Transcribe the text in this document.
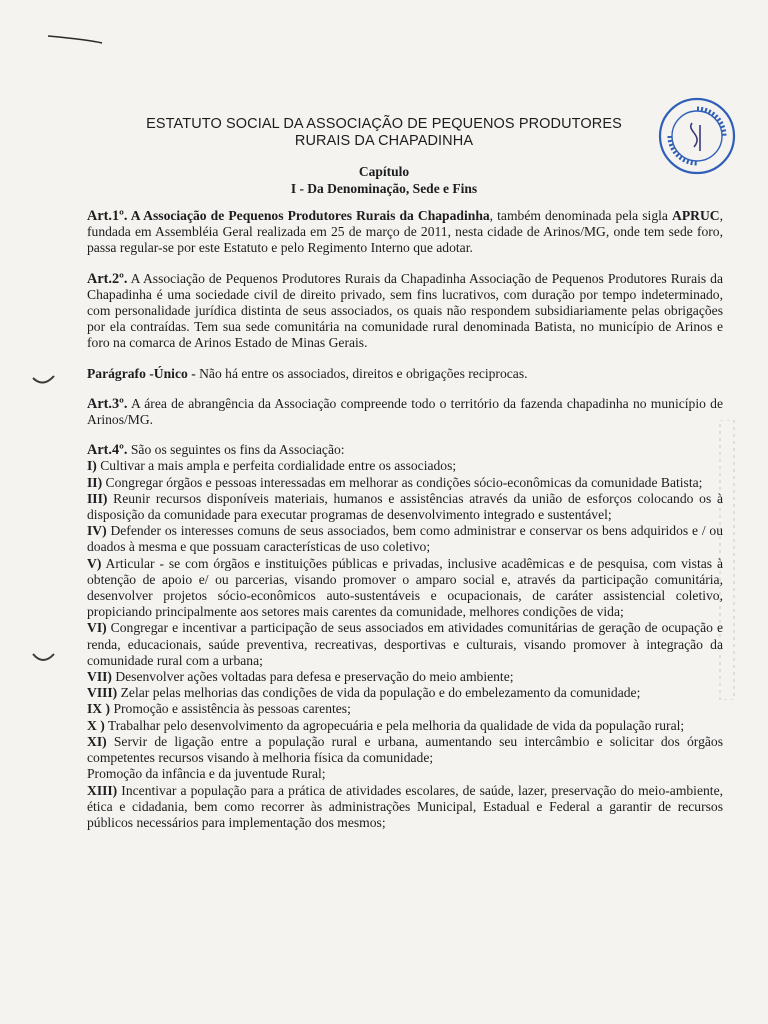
ESTATUTO SOCIAL DA ASSOCIAÇÃO DE PEQUENOS PRODUTORES
RURAIS DA CHAPADINHA
Capítulo
I - Da Denominação, Sede e Fins

Art.1º. A Associação de Pequenos Produtores Rurais da Chapadinha, também denominada pela sigla APRUC, fundada em Assembléia Geral realizada em 25 de março de 2011, nesta cidade de Arinos/MG, onde tem sede foro, passa regular-se por este Estatuto e pelo Regimento Interno que adotar.

Art.2º. A Associação de Pequenos Produtores Rurais da Chapadinha Associação de Pequenos Produtores Rurais da Chapadinha é uma sociedade civil de direito privado, sem fins lucrativos, com duração por tempo indeterminado, com personalidade jurídica distinta de seus associados, os quais não respondem subsidiariamente pelas obrigações por ela contraídas. Tem sua sede comunitária na comunidade rural denominada Batista, no município de Arinos e foro na comarca de Arinos Estado de Minas Gerais.

Parágrafo -Único - Não há entre os associados, direitos e obrigações reciprocas.

Art.3º. A área de abrangência da Associação compreende todo o território da fazenda chapadinha no município de Arinos/MG.

Art.4º. São os seguintes os fins da Associação:

I) Cultivar a mais ampla e perfeita cordialidade entre os associados;

II) Congregar órgãos e pessoas interessadas em melhorar as condições sócio-econômicas da comunidade Batista;

III) Reunir recursos disponíveis materiais, humanos e assistências através da união de esforços colocando os à disposição da comunidade para executar programas de desenvolvimento integrado e sustentável;

IV) Defender os interesses comuns de seus associados, bem como administrar e conservar os bens adquiridos e / ou doados à mesma e que possuam características de uso coletivo;

V) Articular - se com órgãos e instituições públicas e privadas, inclusive acadêmicas e de pesquisa, com vistas à obtenção de apoio e/ ou parcerias, visando promover o amparo social e, através da participação comunitária, desenvolver projetos sócio-econômicos auto-sustentáveis e ocupacionais, de caráter assistencial coletivo, propiciando principalmente aos setores mais carentes da comunidade, melhores condições de vida;

VI) Congregar e incentivar a participação de seus associados em atividades comunitárias de geração de ocupação e renda, educacionais, saúde preventiva, recreativas, desportivas e culturais, visando promover à integração da comunidade rural com a urbana;

VII) Desenvolver ações voltadas para defesa e preservação do meio ambiente;

VIII) Zelar pelas melhorias das condições de vida da população e do embelezamento da comunidade;

IX ) Promoção e assistência às pessoas carentes;

X ) Trabalhar pelo desenvolvimento da agropecuária e pela melhoria da qualidade de vida da população rural;

XI) Servir de ligação entre a população rural e urbana, aumentando seu intercâmbio e solicitar dos órgãos competentes recursos visando à melhoria física da comunidade;

Promoção da infância e da juventude Rural;

XIII) Incentivar a população para a prática de atividades escolares, de saúde, lazer, preservação do meio-ambiente, ética e cidadania, bem como recorrer às administrações Municipal, Estadual e Federal a garantir de recursos públicos necessários para implementação dos mesmos;
